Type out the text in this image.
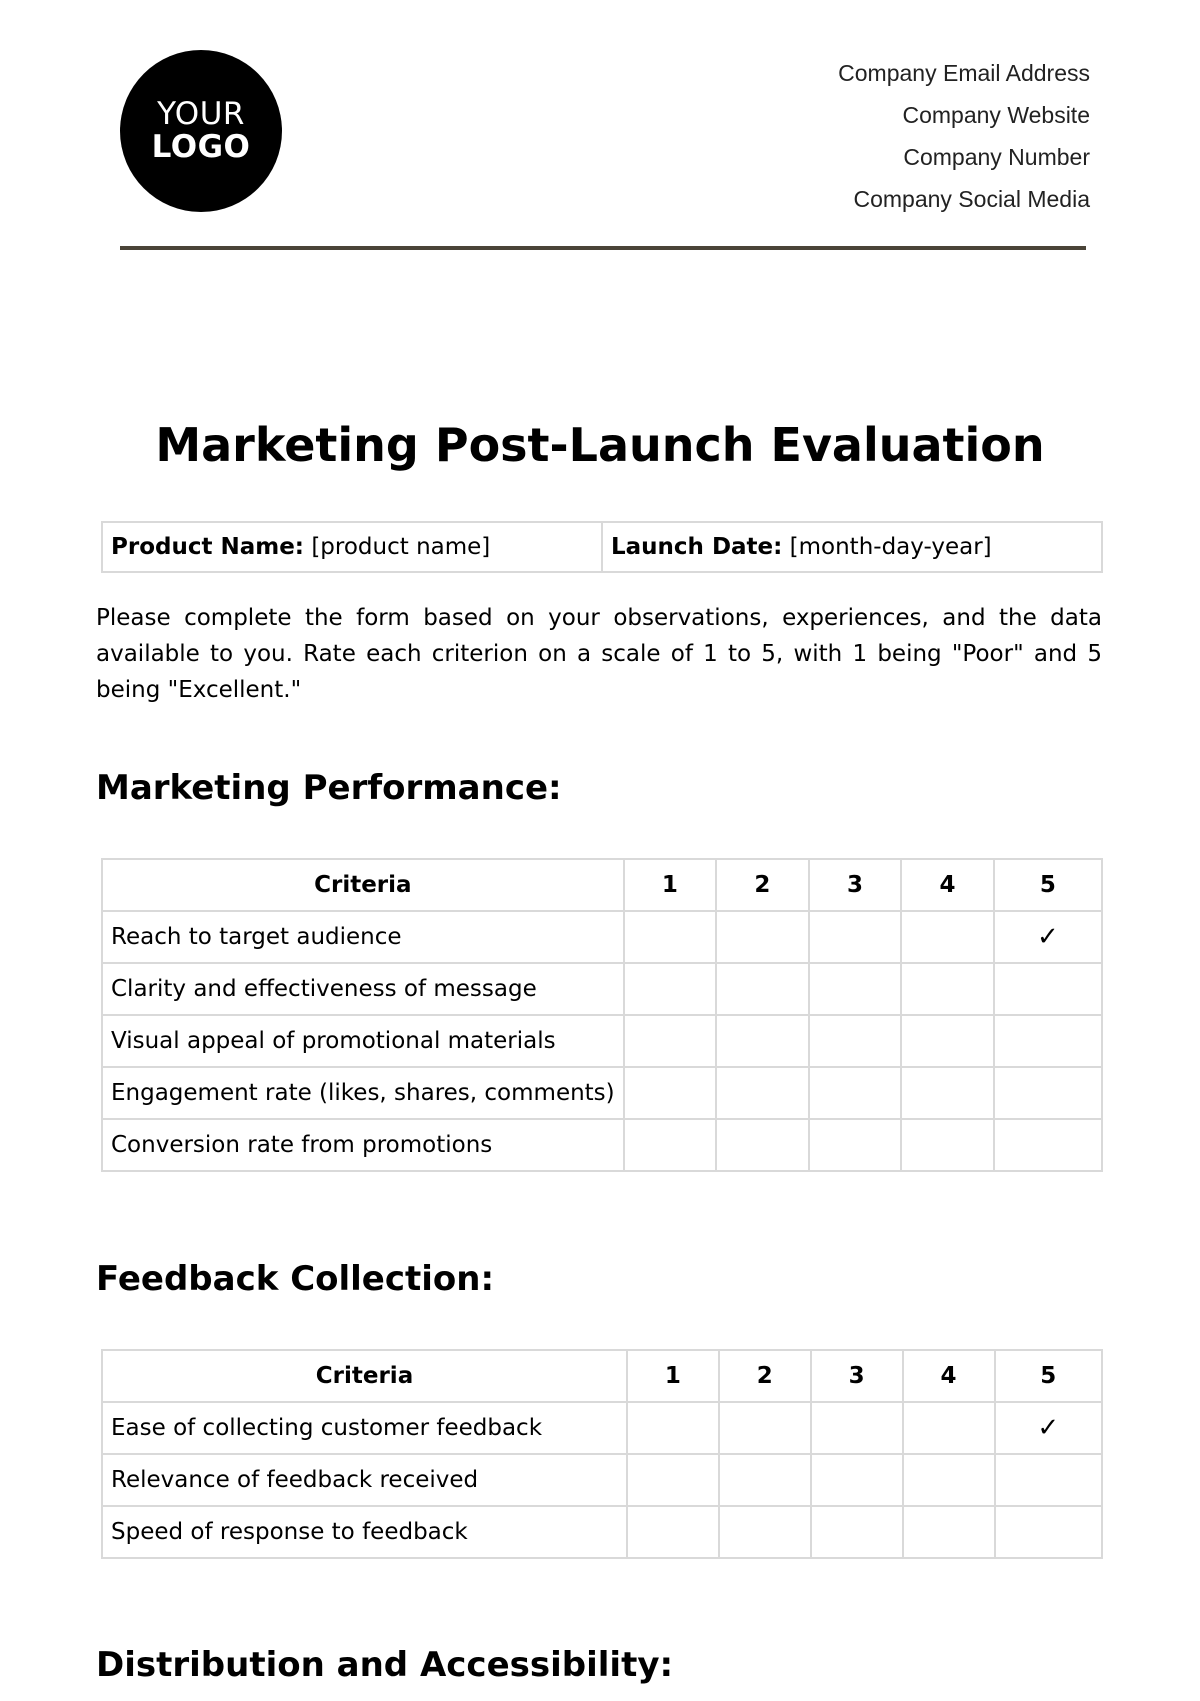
YOUR
LOGO
Company Email Address
Company Website
Company Number
Company Social Media
Marketing Post-Launch Evaluation
Product Name: [product name]	Launch Date: [month-day-year]
Please complete the form based on your observations, experiences, and the data available to you. Rate each criterion on a scale of 1 to 5, with 1 being "Poor" and 5 being "Excellent."
Marketing Performance:
Criteria	1	2	3	4	5
Reach to target audience					✓
Clarity and effectiveness of message					
Visual appeal of promotional materials					
Engagement rate (likes, shares, comments)					
Conversion rate from promotions					
Feedback Collection:
Criteria	1	2	3	4	5
Ease of collecting customer feedback					✓
Relevance of feedback received					
Speed of response to feedback					
Distribution and Accessibility:
